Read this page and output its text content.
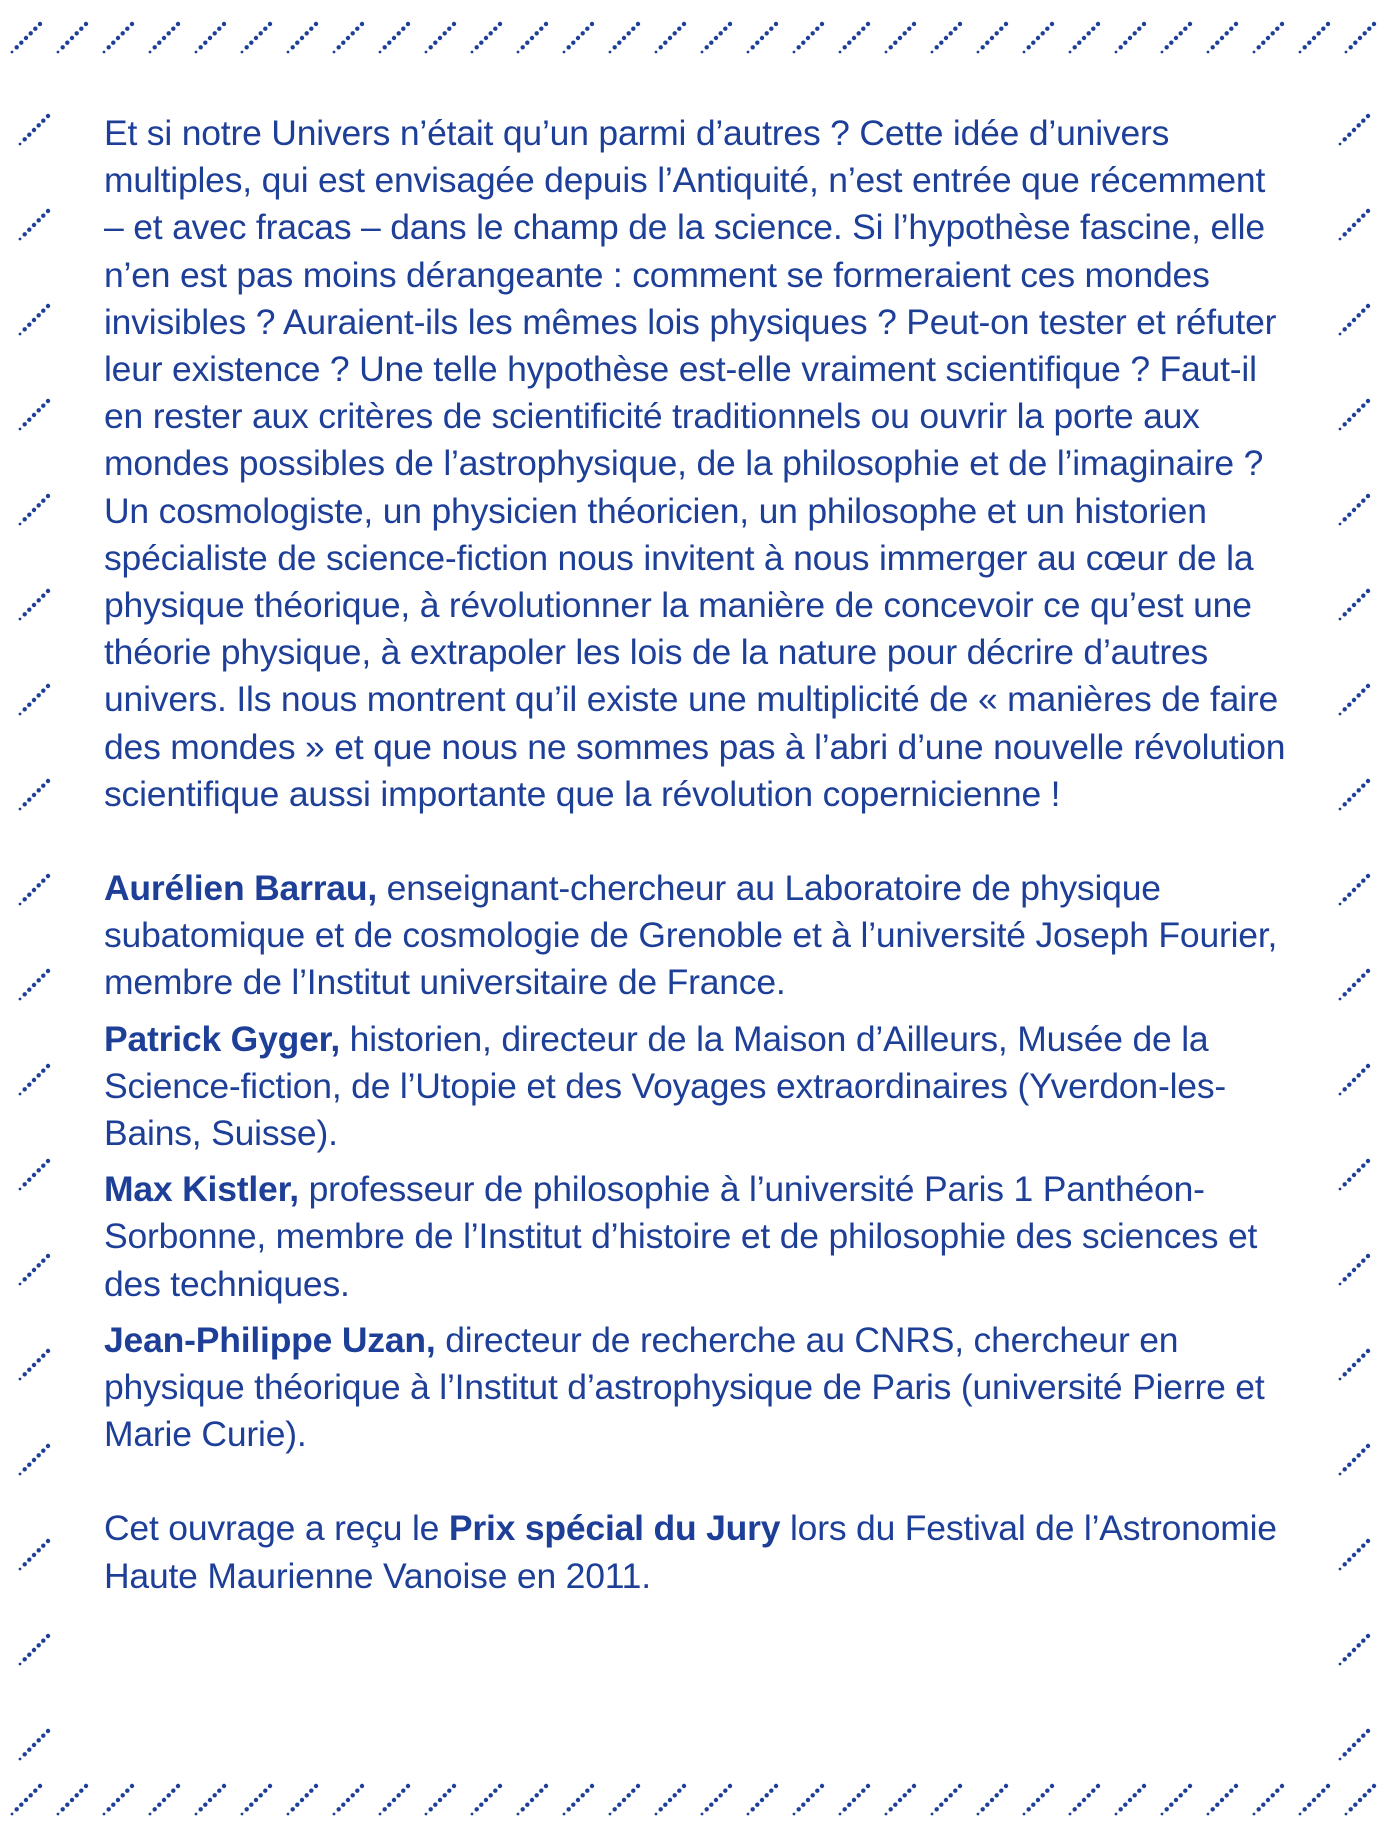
Et si notre Univers n’était qu’un parmi d’autres ? Cette idée d’univers multiples, qui est envisagée depuis l’Antiquité, n’est entrée que récemment – et avec fracas – dans le champ de la science. Si l’hypothèse fascine, elle n’en est pas moins dérangeante : comment se formeraient ces mondes invisibles ? Auraient-ils les mêmes lois physiques ? Peut-on tester et réfuter leur existence ? Une telle hypothèse est-elle vraiment scientifique ? Faut-il en rester aux critères de scientificité traditionnels ou ouvrir la porte aux mondes possibles de l’astrophysique, de la philosophie et de l’imaginaire ? Un cosmologiste, un physicien théoricien, un philosophe et un historien spécialiste de science-fiction nous invitent à nous immerger au cœur de la physique théorique, à révolutionner la manière de concevoir ce qu’est une théorie physique, à extrapoler les lois de la nature pour décrire d’autres univers. Ils nous montrent qu’il existe une multiplicité de « manières de faire des mondes » et que nous ne sommes pas à l’abri d’une nouvelle révolution scientifique aussi importante que la révolution copernicienne !

Aurélien Barrau, enseignant-chercheur au Laboratoire de physique subatomique et de cosmologie de Grenoble et à l’université Joseph Fourier, membre de l’Institut universitaire de France.

Patrick Gyger, historien, directeur de la Maison d’Ailleurs, Musée de la Science-fiction, de l’Utopie et des Voyages extraordinaires (Yverdon-les-Bains, Suisse).

Max Kistler, professeur de philosophie à l’université Paris 1 Panthéon-Sorbonne, membre de l’Institut d’histoire et de philosophie des sciences et des techniques.

Jean-Philippe Uzan, directeur de recherche au CNRS, chercheur en physique théorique à l’Institut d’astrophysique de Paris (université Pierre et Marie Curie).

Cet ouvrage a reçu le Prix spécial du Jury lors du Festival de l’Astronomie Haute Maurienne Vanoise en 2011.
